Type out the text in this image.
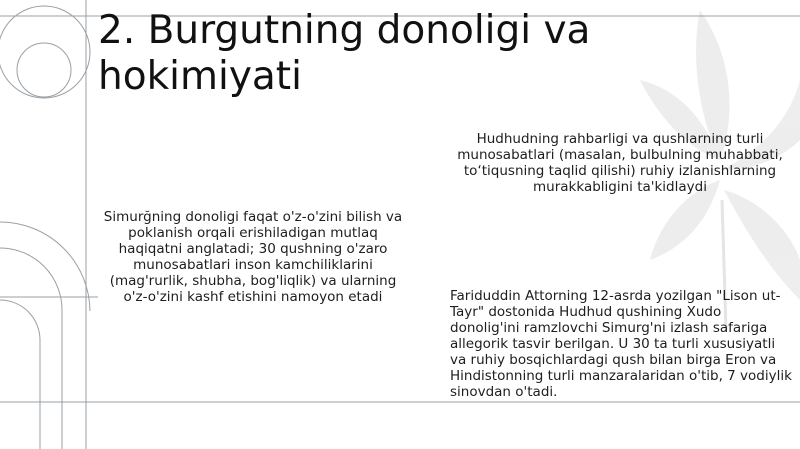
2. Burgutning donoligi va hokimiyati

Hudhudning rahbarligi va qushlarning turli munosabatlari (masalan, bulbulning muhabbati, to‘tiqusning taqlid qilishi) ruhiy izlanishlarning murakkabligini ta'kidlaydi

Simurğning donoligi faqat o'z-o'zini bilish va poklanish orqali erishiladigan mutlaq haqiqatni anglatadi; 30 qushning o'zaro munosabatlari inson kamchiliklarini (mag'rurlik, shubha, bog'liqlik) va ularning o'z-o'zini kashf etishini namoyon etadi	Fariduddin Attorning 12-asrda yozilgan "Lison ut-Tayr" dostonida Hudhud qushining Xudo donolig'ini ramzlovchi Simurg'ni izlash safariga allegorik tasvir berilgan. U 30 ta turli xususiyatli va ruhiy bosqichlardagi qush bilan birga Eron va Hindistonning turli manzaralaridan o'tib, 7 vodiylik sinovdan o'tadi.
